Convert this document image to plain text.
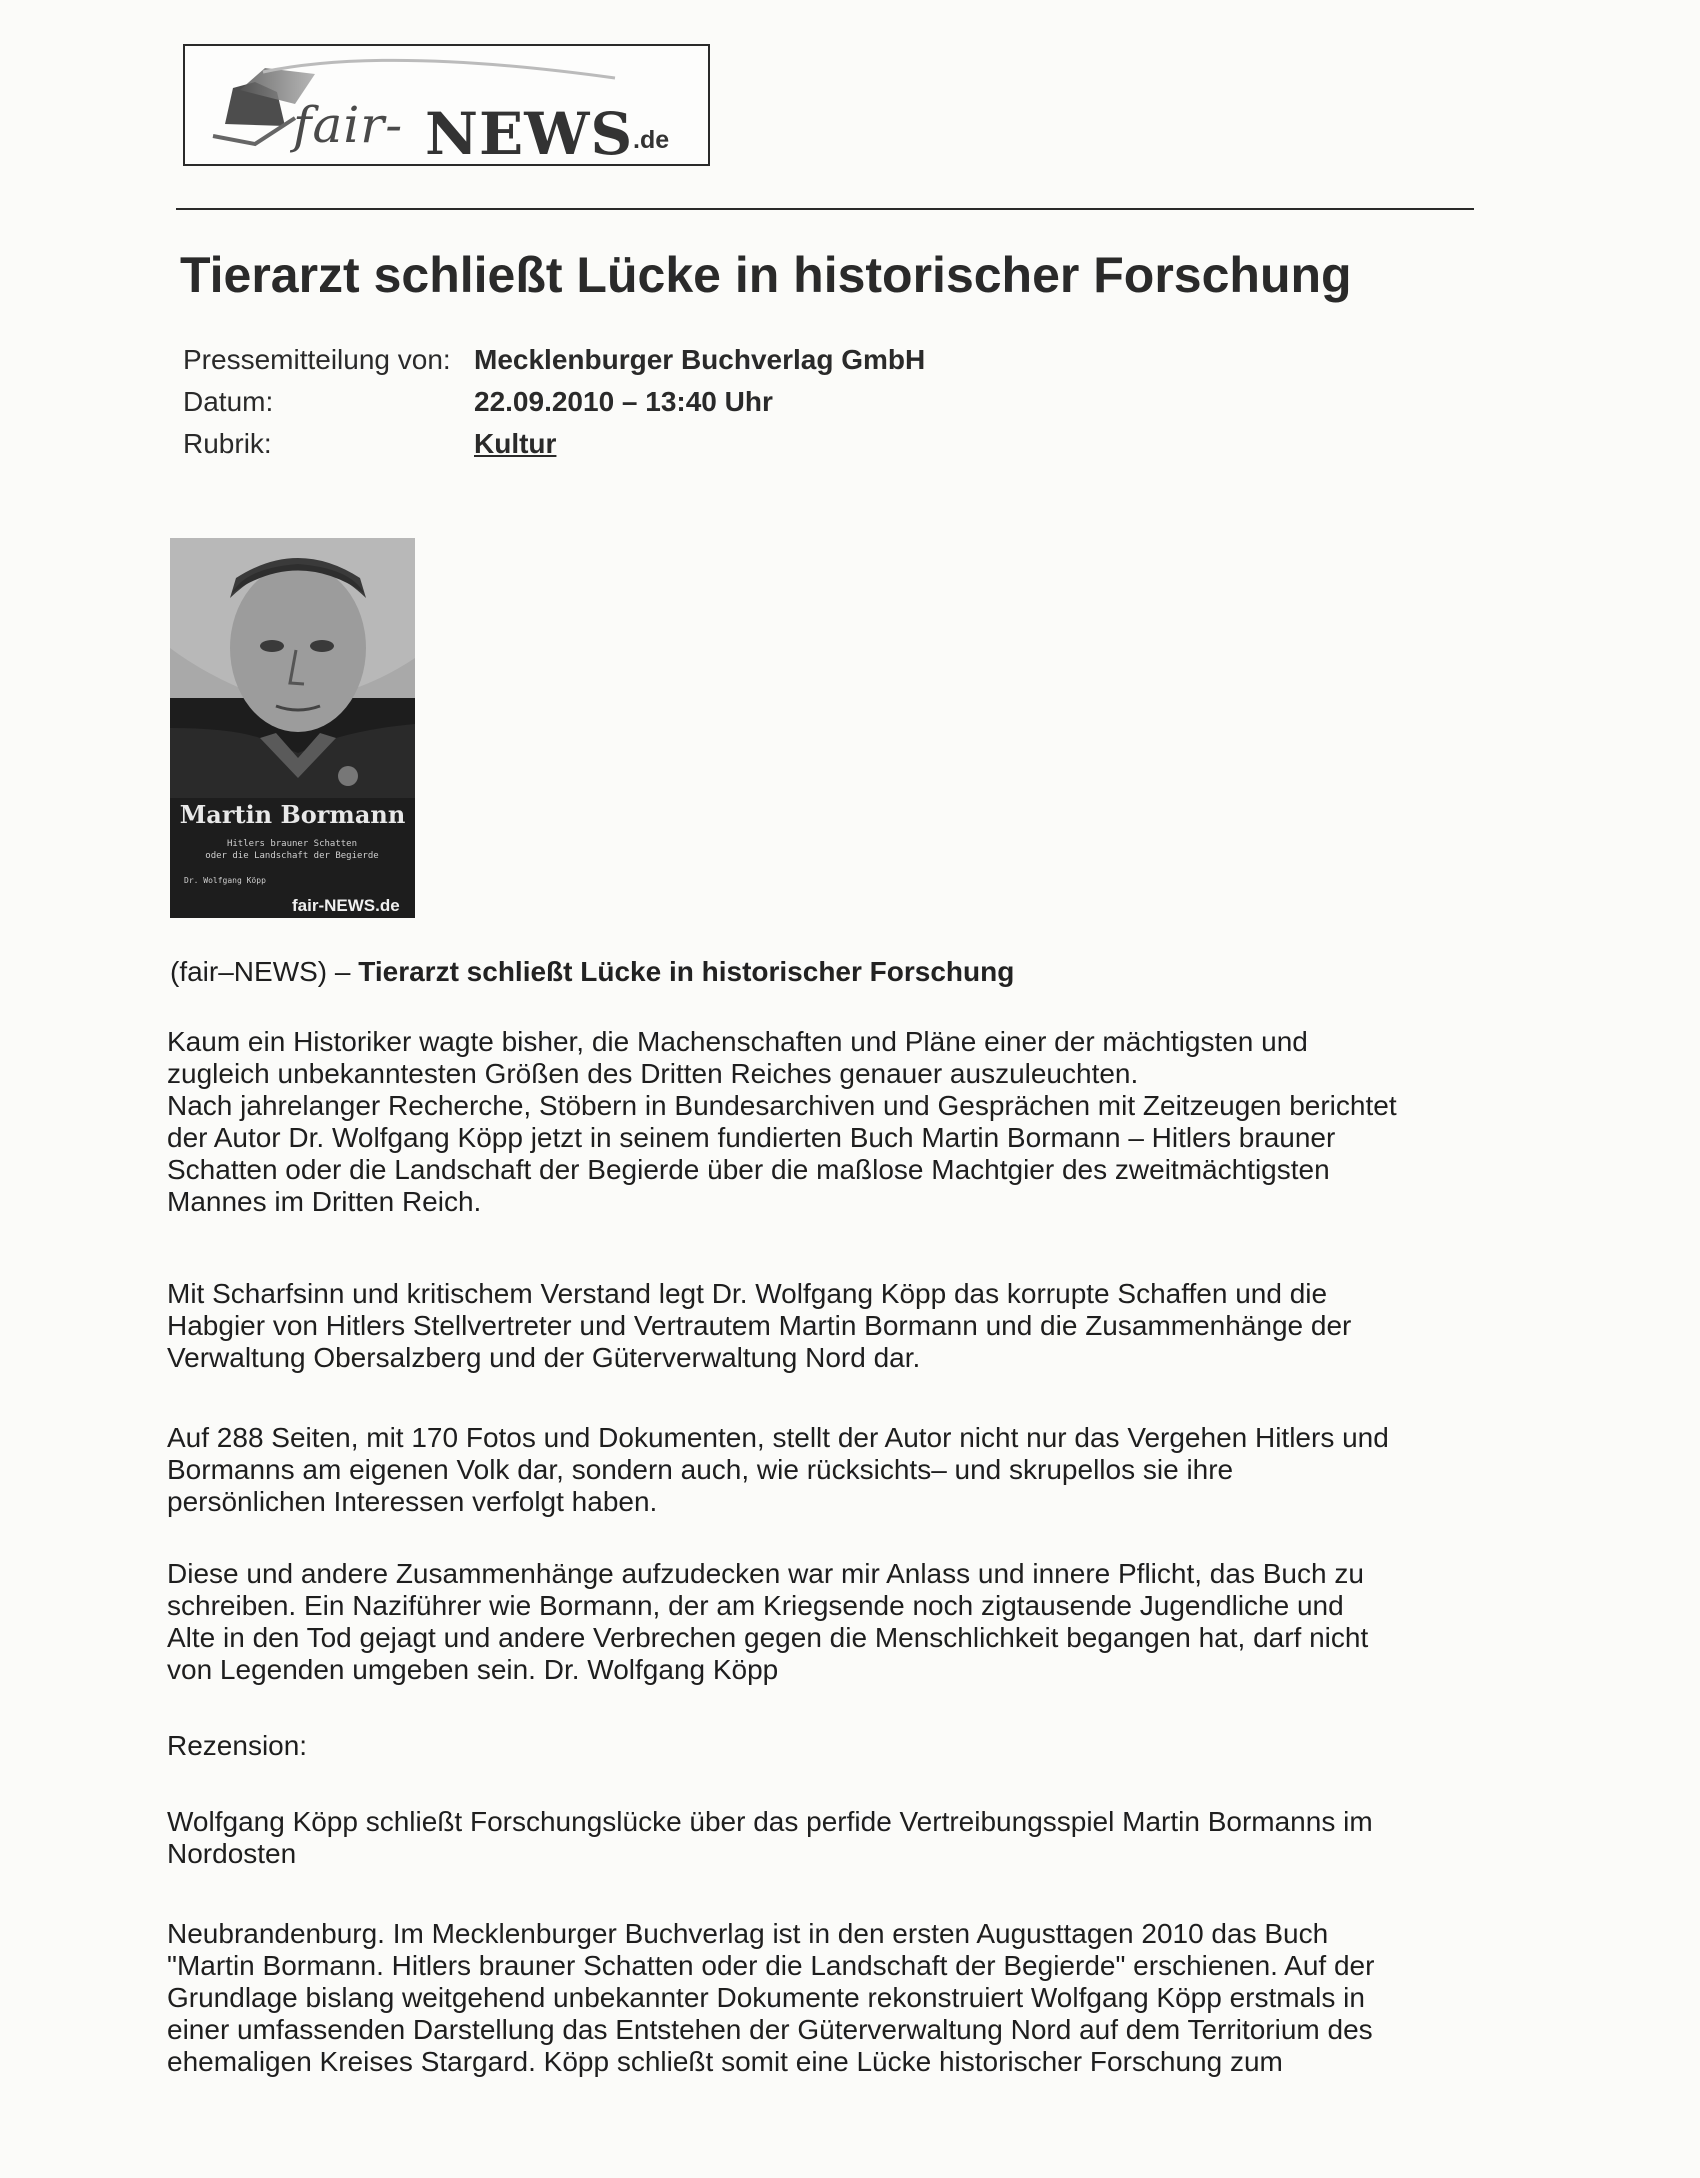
fair- NEWS .de
Tierarzt schließt Lücke in historischer Forschung
Pressemitteilung von: Mecklenburger Buchverlag GmbH
Datum:	22.09.2010 – 13:40 Uhr
Rubrik:	Kultur
Martin Bormann
Hitlers brauner Schatten
oder die Landschaft der Begierde
Dr. Wolfgang Köpp
fair-NEWS.de
(fair–NEWS) – Tierarzt schließt Lücke in historischer Forschung

Kaum ein Historiker wagte bisher, die Machenschaften und Pläne einer der mächtigsten und

zugleich unbekanntesten Größen des Dritten Reiches genauer auszuleuchten.

Nach jahrelanger Recherche, Stöbern in Bundesarchiven und Gesprächen mit Zeitzeugen berichtet

der Autor Dr. Wolfgang Köpp jetzt in seinem fundierten Buch Martin Bormann – Hitlers brauner

Schatten oder die Landschaft der Begierde über die maßlose Machtgier des zweitmächtigsten

Mannes im Dritten Reich.

Mit Scharfsinn und kritischem Verstand legt Dr. Wolfgang Köpp das korrupte Schaffen und die

Habgier von Hitlers Stellvertreter und Vertrautem Martin Bormann und die Zusammenhänge der

Verwaltung Obersalzberg und der Güterverwaltung Nord dar.

Auf 288 Seiten, mit 170 Fotos und Dokumenten, stellt der Autor nicht nur das Vergehen Hitlers und

Bormanns am eigenen Volk dar, sondern auch, wie rücksichts– und skrupellos sie ihre

persönlichen Interessen verfolgt haben.

Diese und andere Zusammenhänge aufzudecken war mir Anlass und innere Pflicht, das Buch zu

schreiben. Ein Naziführer wie Bormann, der am Kriegsende noch zigtausende Jugendliche und

Alte in den Tod gejagt und andere Verbrechen gegen die Menschlichkeit begangen hat, darf nicht

von Legenden umgeben sein. Dr. Wolfgang Köpp

Rezension:

Wolfgang Köpp schließt Forschungslücke über das perfide Vertreibungsspiel Martin Bormanns im

Nordosten

Neubrandenburg. Im Mecklenburger Buchverlag ist in den ersten Augusttagen 2010 das Buch

"Martin Bormann. Hitlers brauner Schatten oder die Landschaft der Begierde" erschienen. Auf der

Grundlage bislang weitgehend unbekannter Dokumente rekonstruiert Wolfgang Köpp erstmals in

einer umfassenden Darstellung das Entstehen der Güterverwaltung Nord auf dem Territorium des

ehemaligen Kreises Stargard. Köpp schließt somit eine Lücke historischer Forschung zum
